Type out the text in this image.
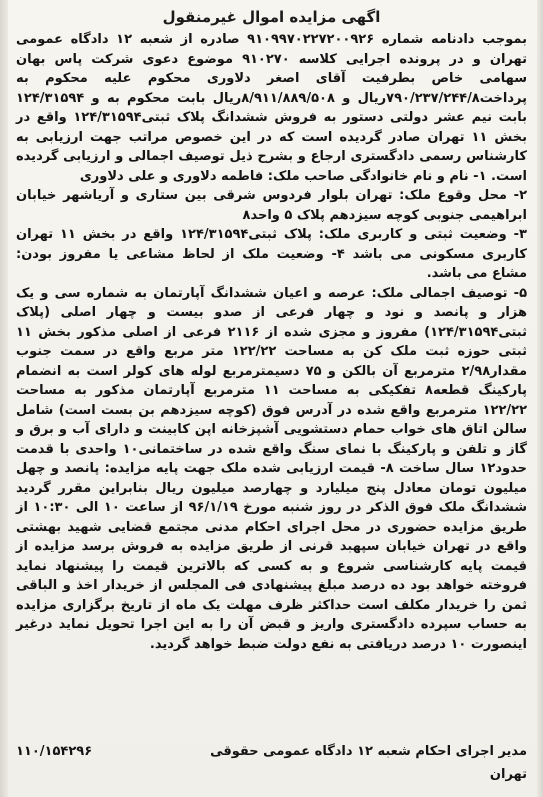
اگهی مزایده اموال غیرمنقول

بموجب دادنامه شماره ۹۱۰۹۹۷۰۲۲۷۲۰۰۹۲۶ صادره از شعبه ۱۲ دادگاه عمومی تهران و در پرونده اجرایی کلاسه ۹۱۰۲۷۰ موضوع دعوی شرکت پاس بهان سهامی خاص بطرفیت آقای اصغر دلاوری محکوم علیه محکوم به پرداخت۷۹۰/۲۳۷/۲۴۴/۸ریال و ۸/۹۱۱/۸۸۹/۵۰۸ریال بابت محکوم به و ۱۲۴/۳۱۵۹۴ بابت نیم عشر دولتی دستور به فروش ششدانگ پلاک ثبتی۱۲۴/۳۱۵۹۴ واقع در بخش ۱۱ تهران صادر گردیده است که در این خصوص مراتب جهت ارزیابی به کارشناس رسمی دادگستری ارجاع و بشرح ذیل توصیف اجمالی و ارزیابی گردیده است. ۱- نام و نام خانوادگی صاحب ملک: فاطمه دلاوری و علی دلاوری

۲- محل وقوع ملک: تهران بلوار فردوس شرقی بین ستاری و آریاشهر خیابان ابراهیمی جنوبی کوچه سیزدهم پلاک ۵ واحد۸

۳- وضعیت ثبتی و کاربری ملک: پلاک ثبتی۱۲۴/۳۱۵۹۴ واقع در بخش ۱۱ تهران کاربری مسکونی می باشد ۴- وضعیت ملک از لحاظ مشاعی یا مفروز بودن: مشاع می باشد.

۵- توصیف اجمالی ملک: عرصه و اعیان ششدانگ آپارتمان به شماره سی و یک هزار و پانصد و نود و چهار فرعی از صدو بیست و چهار اصلی (پلاک ثبتی۱۲۴/۳۱۵۹۴) مفروز و مجزی شده از ۲۱۱۶ فرعی از اصلی مذکور بخش ۱۱ ثبتی حوزه ثبت ملک کن به مساحت ۱۲۲/۲۲ متر مربع واقع در سمت جنوب مقدار۲/۹۸ مترمربع آن بالکن و ۷۵ دسیمترمربع لوله های کولر است به انضمام پارکینگ قطعه۸ تفکیکی به مساحت ۱۱ مترمربع آپارتمان مذکور به مساحت ۱۲۲/۲۲ مترمربع واقع شده در آدرس فوق (کوچه سیزدهم بن بست است) شامل سالن اتاق های خواب حمام دستشویی آشپزخانه اپن کابینت و دارای آب و برق و گاز و تلفن و پارکینگ با نمای سنگ واقع شده در ساختمانی۱۰ واحدی با قدمت حدود۱۲ سال ساخت ۸- قیمت ارزیابی شده ملک جهت پایه مزایده: پانصد و چهل میلیون تومان معادل پنج میلیارد و چهارصد میلیون ریال بنابراین مقرر گردید ششدانگ ملک فوق الذکر در روز شنبه مورخ ۹۶/۱/۱۹ از ساعت ۱۰ الی ۱۰:۳۰ از طریق مزایده حضوری در محل اجرای احکام مدنی مجتمع قضایی شهید بهشتی واقع در تهران خیابان سپهبد قرنی از طریق مزایده به فروش برسد مزایده از قیمت پایه کارشناسی شروع و به کسی که بالاترین قیمت را پیشنهاد نماید فروخته خواهد بود ده درصد مبلغ پیشنهادی فی المجلس از خریدار اخذ و الباقی ثمن را خریدار مکلف است حداکثر ظرف مهلت یک ماه از تاریخ برگزاری مزایده به حساب سپرده دادگستری واریز و قبض آن را به این اجرا تحویل نماید درغیر اینصورت ۱۰ درصد دریافتی به نفع دولت ضبط خواهد گردید.

مدیر اجرای احکام شعبه ۱۲ دادگاه عمومی حقوقی
۱۱۰/۱۵۴۲۹۶
تهران
